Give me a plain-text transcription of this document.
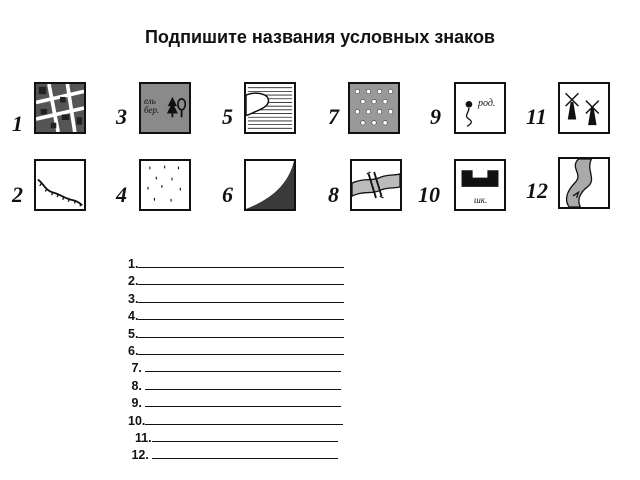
Подпишите названия условных знаков
1
2
3
4
5
6
7
8
9
10
11
12
ель
бер.
род.
шк.
1.
2.
3.
4.
5.
6.
7.
8.
9.
10.
11.
12.
